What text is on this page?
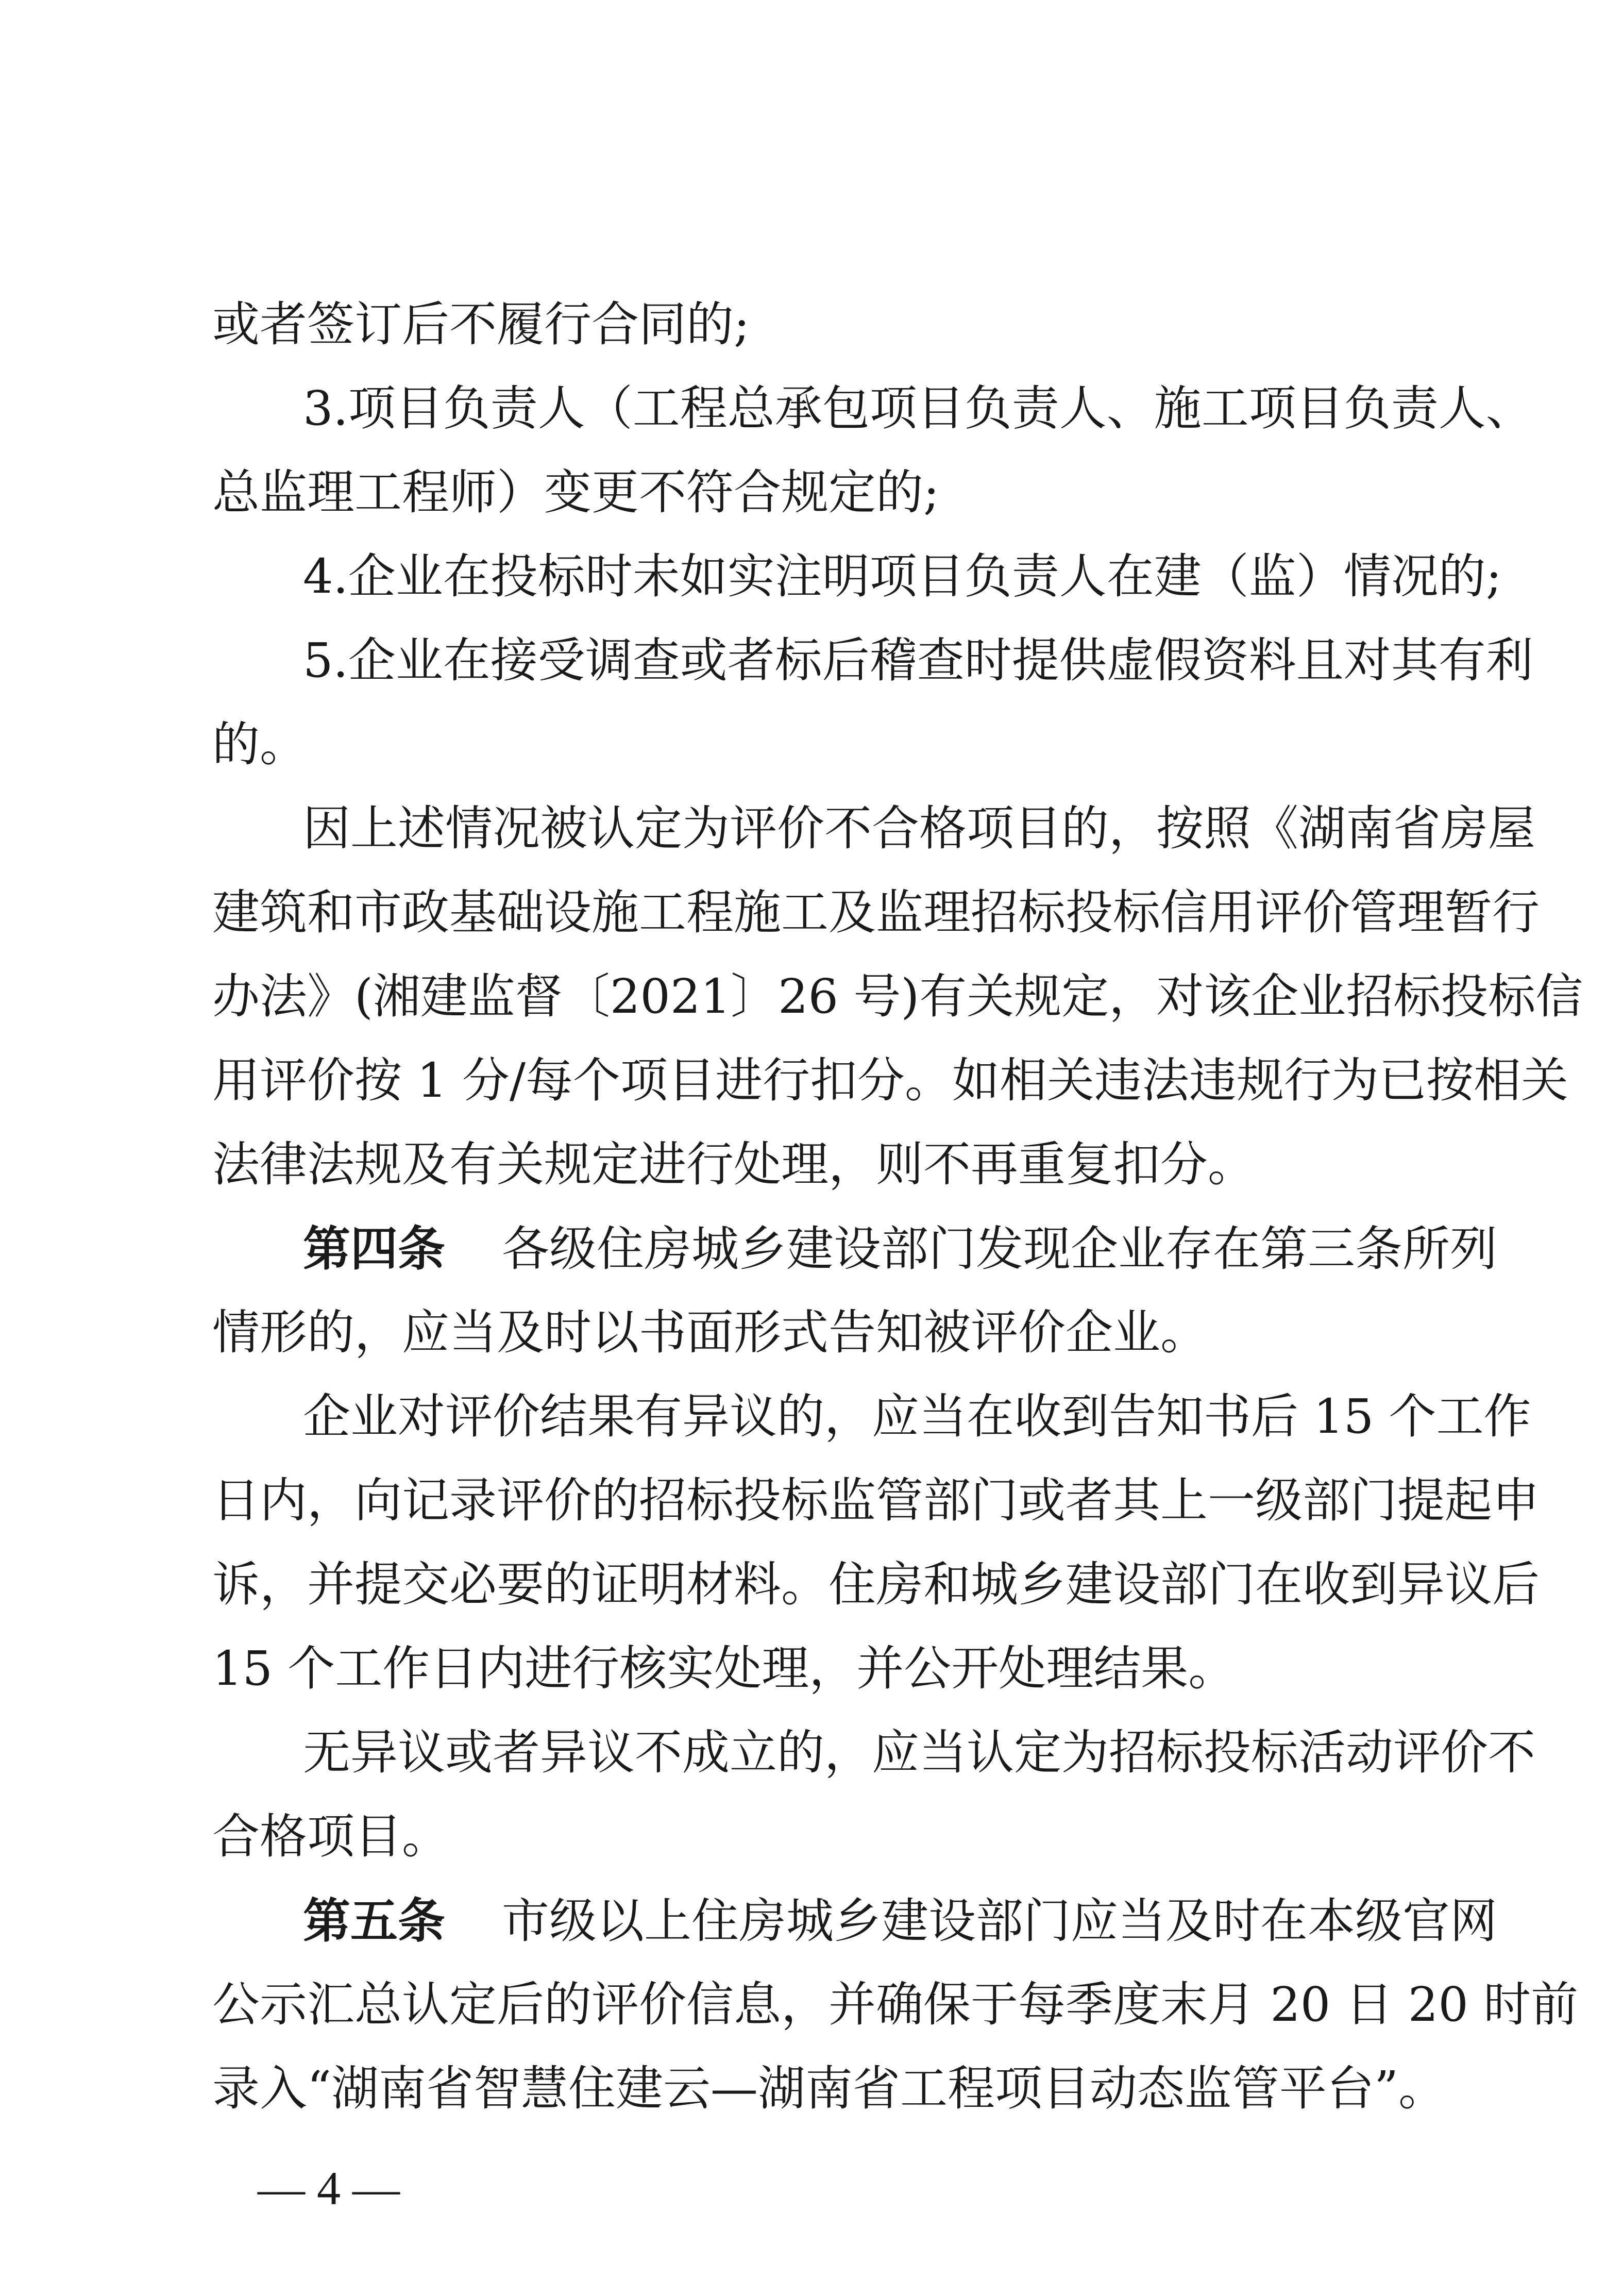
或者签订后不履行合同的;
3.项目负责人（工程总承包项目负责人、施工项目负责人、
总监理工程师）变更不符合规定的;
4.企业在投标时未如实注明项目负责人在建（监）情况的;
5.企业在接受调查或者标后稽查时提供虚假资料且对其有利
的。
因上述情况被认定为评价不合格项目的，按照《湖南省房屋
建筑和市政基础设施工程施工及监理招标投标信用评价管理暂行
办法》(湘建监督〔2021〕26 号)有关规定，对该企业招标投标信
用评价按 1 分/每个项目进行扣分。如相关违法违规行为已按相关
法律法规及有关规定进行处理，则不再重复扣分。
第四条 各级住房城乡建设部门发现企业存在第三条所列
情形的，应当及时以书面形式告知被评价企业。
企业对评价结果有异议的，应当在收到告知书后 15 个工作
日内，向记录评价的招标投标监管部门或者其上一级部门提起申
诉，并提交必要的证明材料。住房和城乡建设部门在收到异议后
15 个工作日内进行核实处理，并公开处理结果。
无异议或者异议不成立的，应当认定为招标投标活动评价不
合格项目。
第五条 市级以上住房城乡建设部门应当及时在本级官网
公示汇总认定后的评价信息，并确保于每季度末月 20 日 20 时前
录入“湖南省智慧住建云—湖南省工程项目动态监管平台”。
— 4 —
